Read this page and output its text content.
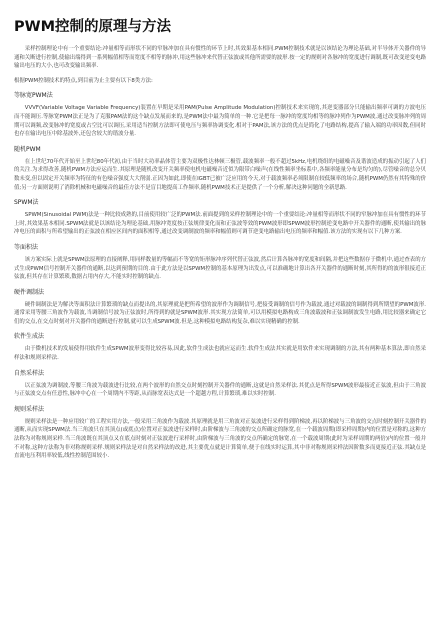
PWM控制的原理与方法

采样控制理论中有一个重要结论:冲量相等而形状不同的窄脉冲加在具有惯性的环节上时,其效果基本相同.PWM控制技术就是以该结论为理论基础,对半导体开关器件的导通和关断进行控制,使输出端得到一系列幅值相等而宽度不相等的脉冲,用这些脉冲来代替正弦波或其他所需要的波形.按一定的规则对各脉冲的宽度进行调制,既可改变逆变电路输出电压的大小,也可改变输出频率.

根据PWM控制技术的特点,到目前为止主要有以下8类方法:

等脉宽PWM法

VVVF(Variable Voltage Variable Frequency)装置在早期是采用PAM(Pulse Amplitude Modulation)控制技术来实现的,其逆变器部分只能输出频率可调的方波电压而不能调压.等脉宽PWM法正是为了克服PAM法的这个缺点发展而来的,是PWM法中最为简单的一种.它是把每一脉冲的宽度均相等的脉冲列作为PWM波,通过改变脉冲列的周期可以调频,改变脉冲的宽度或占空比可以调压,采用适当控制方法即可使电压与频率协调变化.相对于PAM法,该方法的优点是简化了电路结构,提高了输入端的功率因数,但同时也存在输出电压中除基波外,还包含较大的谐波分量.

随机PWM

在上世纪70年代开始至上世纪80年代初,由于当时大功率晶体管主要为双极性达林顿三极管,载波频率一般不超过5kHz,电机绕组的电磁噪音及谐波造成的振动引起了人们的关注.为求得改善,随机PWM方法应运而生.其原理是随机改变开关频率使电机电磁噪音近似为限带白噪声(在线性频率坐标系中,各频率能量分布是均匀的),尽管噪音的总分贝数未变,但以固定开关频率为特征的有色噪音强度大大削弱.正因为如此,即使在IGBT已被广泛应用的今天,对于载波频率必须限制在较低频率的场合,随机PWM仍然有其特殊的价值;另一方面则说明了消除机械和电磁噪音的最佳方法不是盲目地提高工作频率,随机PWM技术正是提供了一个分析,解决这种问题的全新思路.

SPWM法

SPWM(Sinusoidal PWM)法是一种比较成熟的,目前使用较广泛的PWM法.前面提到的采样控制理论中的一个重要结论:冲量相等而形状不同的窄脉冲加在具有惯性的环节上时,其效果基本相同.SPWM法就是以该结论为理论基础,用脉冲宽度按正弦规律变化而和正弦波等效的PWM波形即SPWM波形控制逆变电路中开关器件的通断,使其输出的脉冲电压的面积与所希望输出的正弦波在相应区间内的面积相等,通过改变调制波的频率和幅值则可调节逆变电路输出电压的频率和幅值.该方法的实现有以下几种方案.

等面积法

该方案实际上就是SPWM法原理的直接阐释,用同样数量的等幅而不等宽的矩形脉冲序列代替正弦波,然后计算各脉冲的宽度和间隔,并把这些数据存于微机中,通过查表的方式生成PWM信号控制开关器件的通断,以达到预期的目的.由于此方法是以SPWM控制的基本原理为出发点,可以准确地计算出各开关器件的通断时刻,其所得的的波形很接近正弦波,但其存在计算繁琐,数据占用内存大,不能实时控制的缺点.

硬件调制法

硬件调制法是为解决等面积法计算繁琐的缺点而提出的,其原理就是把所希望的波形作为调制信号,把接受调制的信号作为载波,通过对载波的调制得到所期望的PWM波形.通常采用等腰三角波作为载波,当调制信号波为正弦波时,所得到的就是SPWM波形.其实现方法简单,可以用模拟电路构成三角波载波和正弦调制波发生电路,用比较器来确定它们的交点,在交点时刻对开关器件的通断进行控制,就可以生成SPWM波.但是,这种模拟电路结构复杂,难以实现精确的控制.

软件生成法

由于微机技术的发展使得用软件生成SPWM波形变得比较容易,因此,软件生成法也就应运而生.软件生成法其实就是用软件来实现调制的方法,其有两种基本算法,即自然采样法和规则采样法.

自然采样法

以正弦波为调制波,等腰三角波为载波进行比较,在两个波形的自然交点时刻控制开关器件的通断,这就是自然采样法.其优点是所得SPWM波形最接近正弦波,但由于三角波与正弦波交点有任意性,脉冲中心在一个周期内不等距,从而脉宽表达式是一个超越方程,计算繁琐,难以实时控制.

规则采样法

规则采样法是一种应用较广的工程实用方法,一般采用三角波作为载波.其原理就是用三角波对正弦波进行采样得到阶梯波,再以阶梯波与三角波的交点时刻控制开关器件的通断,从而实现SPWM法.当三角波只在其顶点(或底点)位置对正弦波进行采样时,由阶梯波与三角波的交点所确定的脉宽,在一个载波周期(即采样周期)内的位置是对称的,这种方法称为对称规则采样.当三角波既在其顶点又在底点时刻对正弦波进行采样时,由阶梯波与三角波的交点所确定的脉宽,在一个载波周期(此时为采样周期的两倍)内的位置一般并不对称,这种方法称为非对称规则采样.规则采样法是对自然采样法的改进,其主要优点就是计算简单,便于在线实时运算,其中非对称规则采样法因阶数多而更接近正弦.其缺点是直流电压利用率较低,线性控制范围较小.
